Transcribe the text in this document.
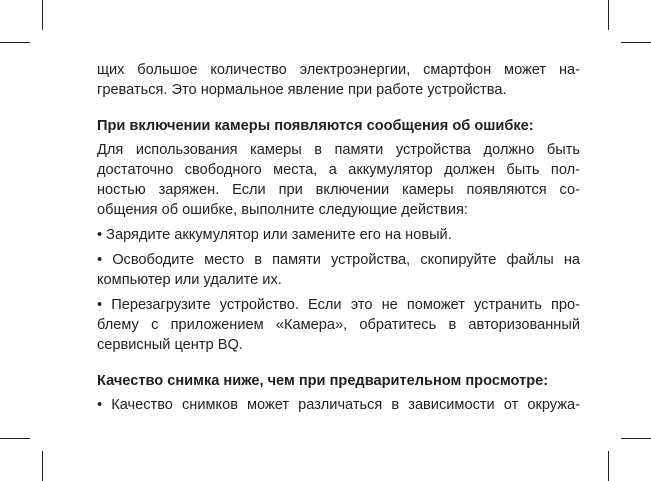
щих большое количество электроэнергии, смартфон может на-
греваться. Это нормальное явление при работе устройства.
При включении камеры появляются сообщения об ошибке:
Для использования камеры в памяти устройства должно быть
достаточно свободного места, а аккумулятор должен быть пол-
ностью заряжен. Если при включении камеры появляются со-
общения об ошибке, выполните следующие действия:
• Зарядите аккумулятор или замените его на новый.
• Освободите место в памяти устройства, скопируйте файлы на
компьютер или удалите их.
• Перезагрузите устройство. Если это не поможет устранить про-
блему с приложением «Камера», обратитесь в авторизованный
сервисный центр BQ.
Качество снимка ниже, чем при предварительном просмотре:
• Качество снимков может различаться в зависимости от окружа-
